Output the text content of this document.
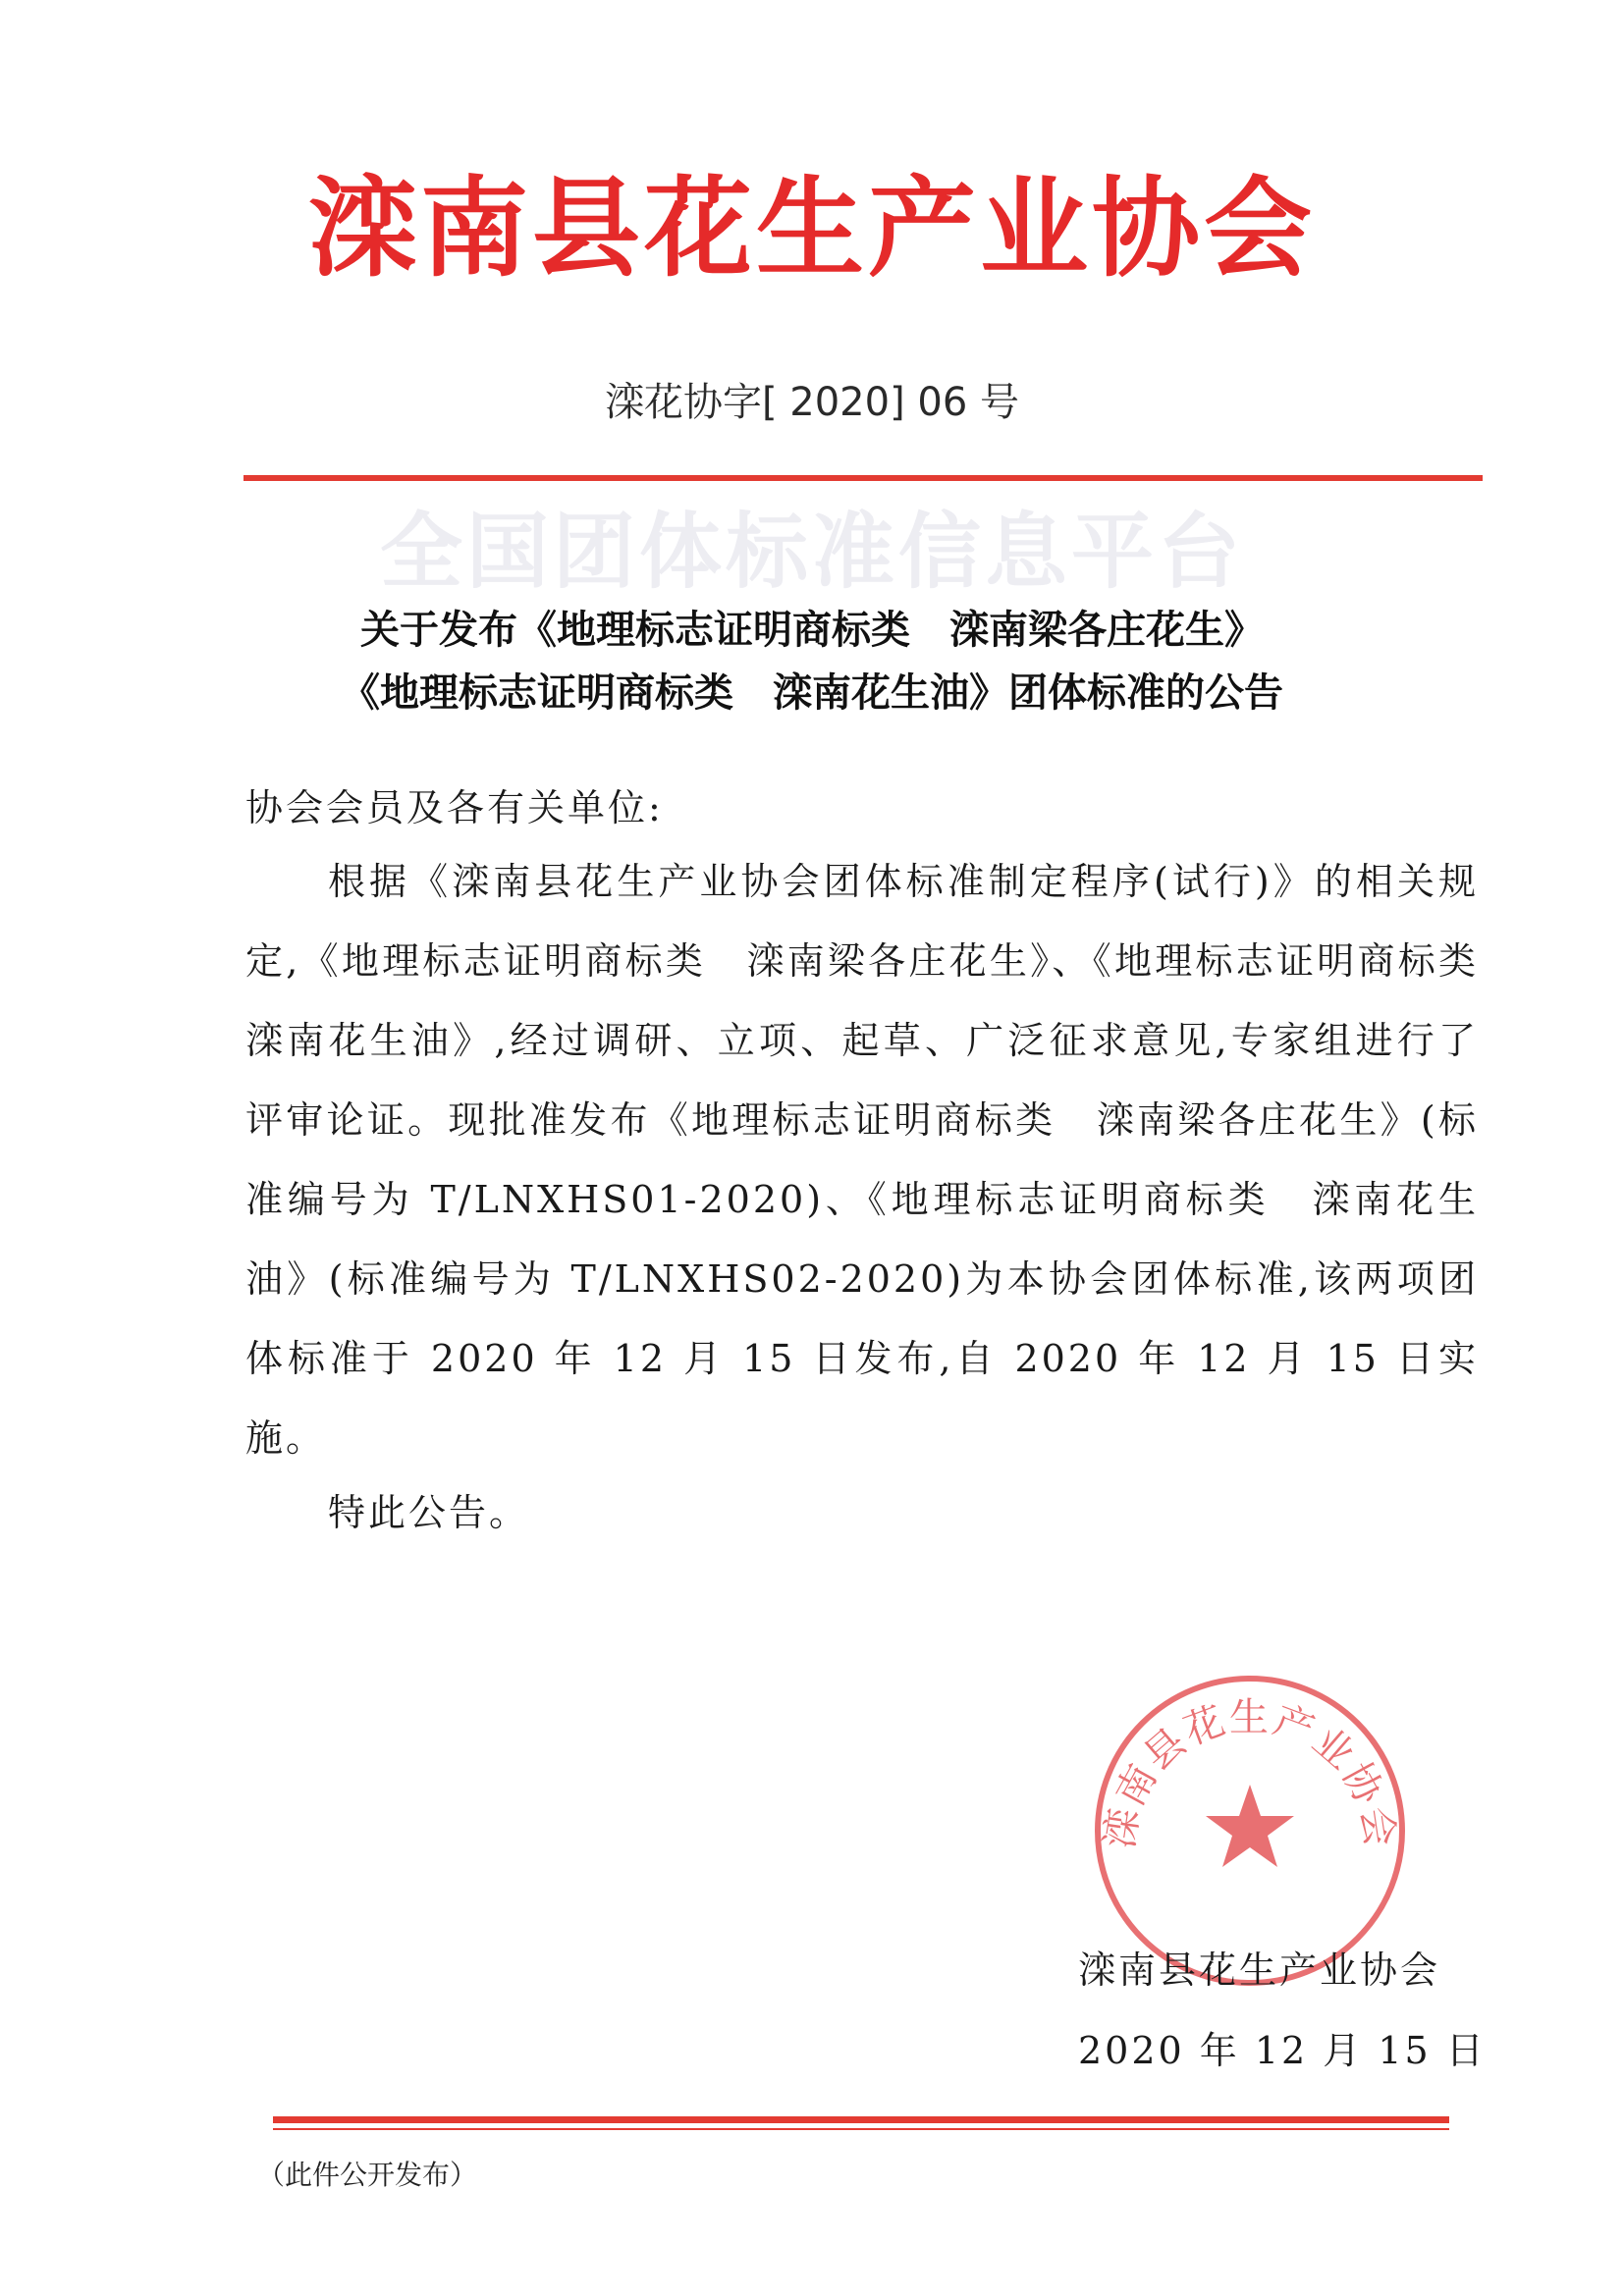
滦南县花生产业协会
滦花协字[ 2020] 06 号
全国团体标准信息平台
关于发布《地理标志证明商标类　滦南梁各庄花生》
《地理标志证明商标类　滦南花生油》团体标准的公告
协会会员及各有关单位:

根据《滦南县花生产业协会团体标准制定程序(试行)》的相关规定,《地理标志证明商标类　滦南梁各庄花生》、《地理标志证明商标类　滦南花生油》,经过调研、立项、起草、广泛征求意见,专家组进行了评审论证。现批准发布《地理标志证明商标类　滦南梁各庄花生》(标准编号为 T/LNXHS01-2020)、《地理标志证明商标类　滦南花生油》(标准编号为 T/LNXHS02-2020)为本协会团体标准,该两项团体标准于 2020 年 12 月 15 日发布,自 2020 年 12 月 15 日实施。

特此公告。
滦南县花生产业协会
滦南县花生产业协会
2020 年 12 月 15 日
（此件公开发布）
